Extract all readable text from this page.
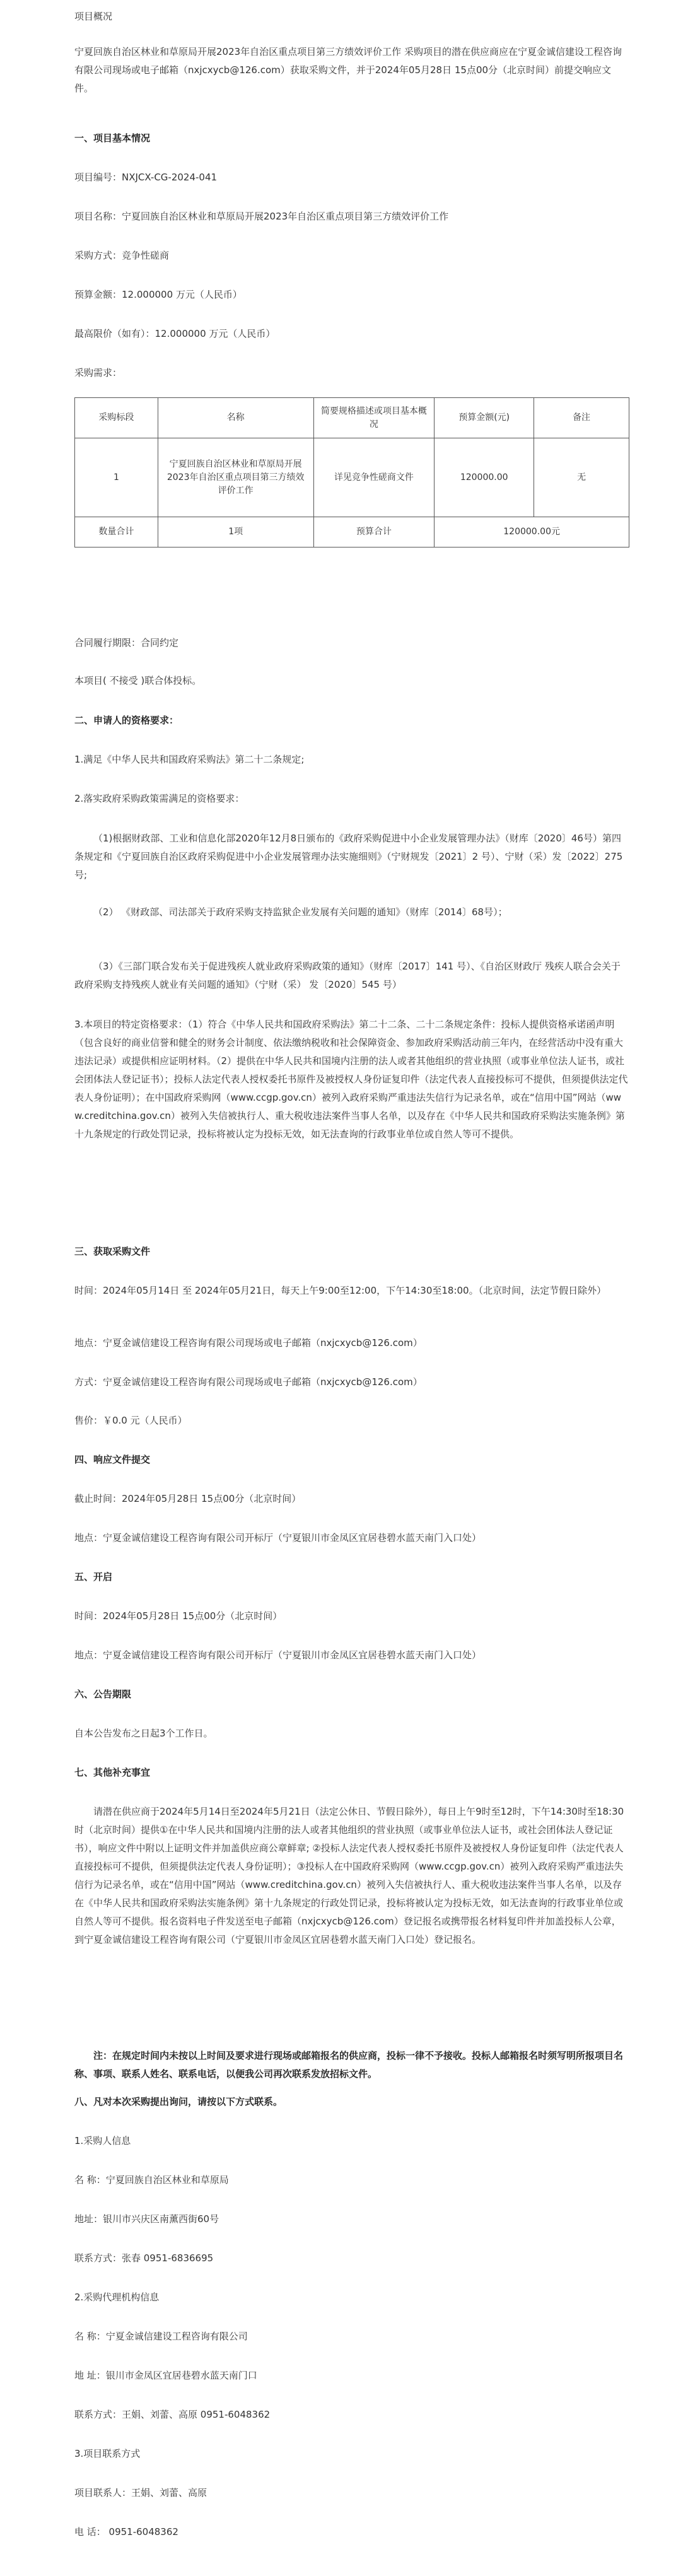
项目概况
宁夏回族自治区林业和草原局开展2023年自治区重点项目第三方绩效评价工作 采购项目的潜在供应商应在宁夏金诚信建设工程咨询有限公司现场或电子邮箱（nxjcxycb@126.com）获取采购文件，并于2024年05月28日 15点00分（北京时间）前提交响应文件。
一、项目基本情况
项目编号：NXJCX-CG-2024-041
项目名称：宁夏回族自治区林业和草原局开展2023年自治区重点项目第三方绩效评价工作
采购方式：竞争性磋商
预算金额：12.000000 万元（人民币）
最高限价（如有）：12.000000 万元（人民币）
采购需求：
采购标段	名称	简要规格描述或项目基本概况	预算金额(元)	备注
1	宁夏回族自治区林业和草原局开展2023年自治区重点项目第三方绩效评价工作	详见竞争性磋商文件	120000.00	无
数量合计	1项	预算合计	120000.00元	
合同履行期限：合同约定
本项目( 不接受 )联合体投标。
二、申请人的资格要求：
1.满足《中华人民共和国政府采购法》第二十二条规定;
2.落实政府采购政策需满足的资格要求：
（1)根据财政部、工业和信息化部2020年12月8日颁布的《政府采购促进中小企业发展管理办法》（财库〔2020〕46号）第四条规定和《宁夏回族自治区政府采购促进中小企业发展管理办法实施细则》（宁财规发〔2021〕2 号）、宁财（采）发〔2022〕275 号;
（2） 《财政部、司法部关于政府采购支持监狱企业发展有关问题的通知》（财库〔2014〕68号）；
（3）《三部门联合发布关于促进残疾人就业政府采购政策的通知》（财库〔2017〕141 号）、《自治区财政厅 残疾人联合会关于政府采购支持残疾人就业有关问题的通知》（宁财（采） 发〔2020〕545 号）
3.本项目的特定资格要求：（1）符合《中华人民共和国政府采购法》第二十二条、二十二条规定条件：投标人提供资格承诺函声明（包含良好的商业信誉和健全的财务会计制度、依法缴纳税收和社会保障资金、参加政府采购活动前三年内，在经营活动中没有重大违法记录）或提供相应证明材料。（2）提供在中华人民共和国境内注册的法人或者其他组织的营业执照（或事业单位法人证书，或社会团体法人登记证书）；投标人法定代表人授权委托书原件及被授权人身份证复印件（法定代表人直接投标可不提供，但须提供法定代表人身份证明）；在中国政府采购网（www.ccgp.gov.cn）被列入政府采购严重违法失信行为记录名单，或在“信用中国”网站（www.creditchina.gov.cn）被列入失信被执行人、重大税收违法案件当事人名单，以及存在《中华人民共和国政府采购法实施条例》第十九条规定的行政处罚记录，投标将被认定为投标无效，如无法查询的行政事业单位或自然人等可不提供。
三、获取采购文件
时间：2024年05月14日 至 2024年05月21日，每天上午9:00至12:00，下午14:30至18:00。（北京时间，法定节假日除外）
地点：宁夏金诚信建设工程咨询有限公司现场或电子邮箱（nxjcxycb@126.com）
方式：宁夏金诚信建设工程咨询有限公司现场或电子邮箱（nxjcxycb@126.com）
售价：￥0.0 元（人民币）
四、响应文件提交
截止时间：2024年05月28日 15点00分（北京时间）
地点：宁夏金诚信建设工程咨询有限公司开标厅（宁夏银川市金凤区宜居巷碧水蓝天南门入口处）
五、开启
时间：2024年05月28日 15点00分（北京时间）
地点：宁夏金诚信建设工程咨询有限公司开标厅（宁夏银川市金凤区宜居巷碧水蓝天南门入口处）
六、公告期限
自本公告发布之日起3个工作日。
七、其他补充事宜
请潜在供应商于2024年5月14日至2024年5月21日（法定公休日、节假日除外），每日上午9时至12时，下午14:30时至18:30时（北京时间）提供①在中华人民共和国境内注册的法人或者其他组织的营业执照（或事业单位法人证书，或社会团体法人登记证书），响应文件中附以上证明文件并加盖供应商公章鲜章; ②投标人法定代表人授权委托书原件及被授权人身份证复印件（法定代表人直接投标可不提供，但须提供法定代表人身份证明）；③投标人在中国政府采购网（www.ccgp.gov.cn）被列入政府采购严重违法失信行为记录名单，或在“信用中国”网站（www.creditchina.gov.cn）被列入失信被执行人、重大税收违法案件当事人名单，以及存在《中华人民共和国政府采购法实施条例》第十九条规定的行政处罚记录，投标将被认定为投标无效，如无法查询的行政事业单位或自然人等可不提供。报名资料电子件发送至电子邮箱（nxjcxycb@126.com）登记报名或携带报名材料复印件并加盖投标人公章，到宁夏金诚信建设工程咨询有限公司（宁夏银川市金凤区宜居巷碧水蓝天南门入口处）登记报名。
注：在规定时间内未按以上时间及要求进行现场或邮箱报名的供应商，投标一律不予接收。投标人邮箱报名时须写明所报项目名称、事项、联系人姓名、联系电话，以便我公司再次联系发放招标文件。
八、凡对本次采购提出询问，请按以下方式联系。
1.采购人信息
名 称：宁夏回族自治区林业和草原局
地址：银川市兴庆区南薰西街60号
联系方式：张春 0951-6836695
2.采购代理机构信息
名 称：宁夏金诚信建设工程咨询有限公司
地 址：银川市金凤区宜居巷碧水蓝天南门口
联系方式：王娟、刘蕾、高原 0951-6048362
3.项目联系方式
项目联系人：王娟、刘蕾、高原
电 话： 0951-6048362
